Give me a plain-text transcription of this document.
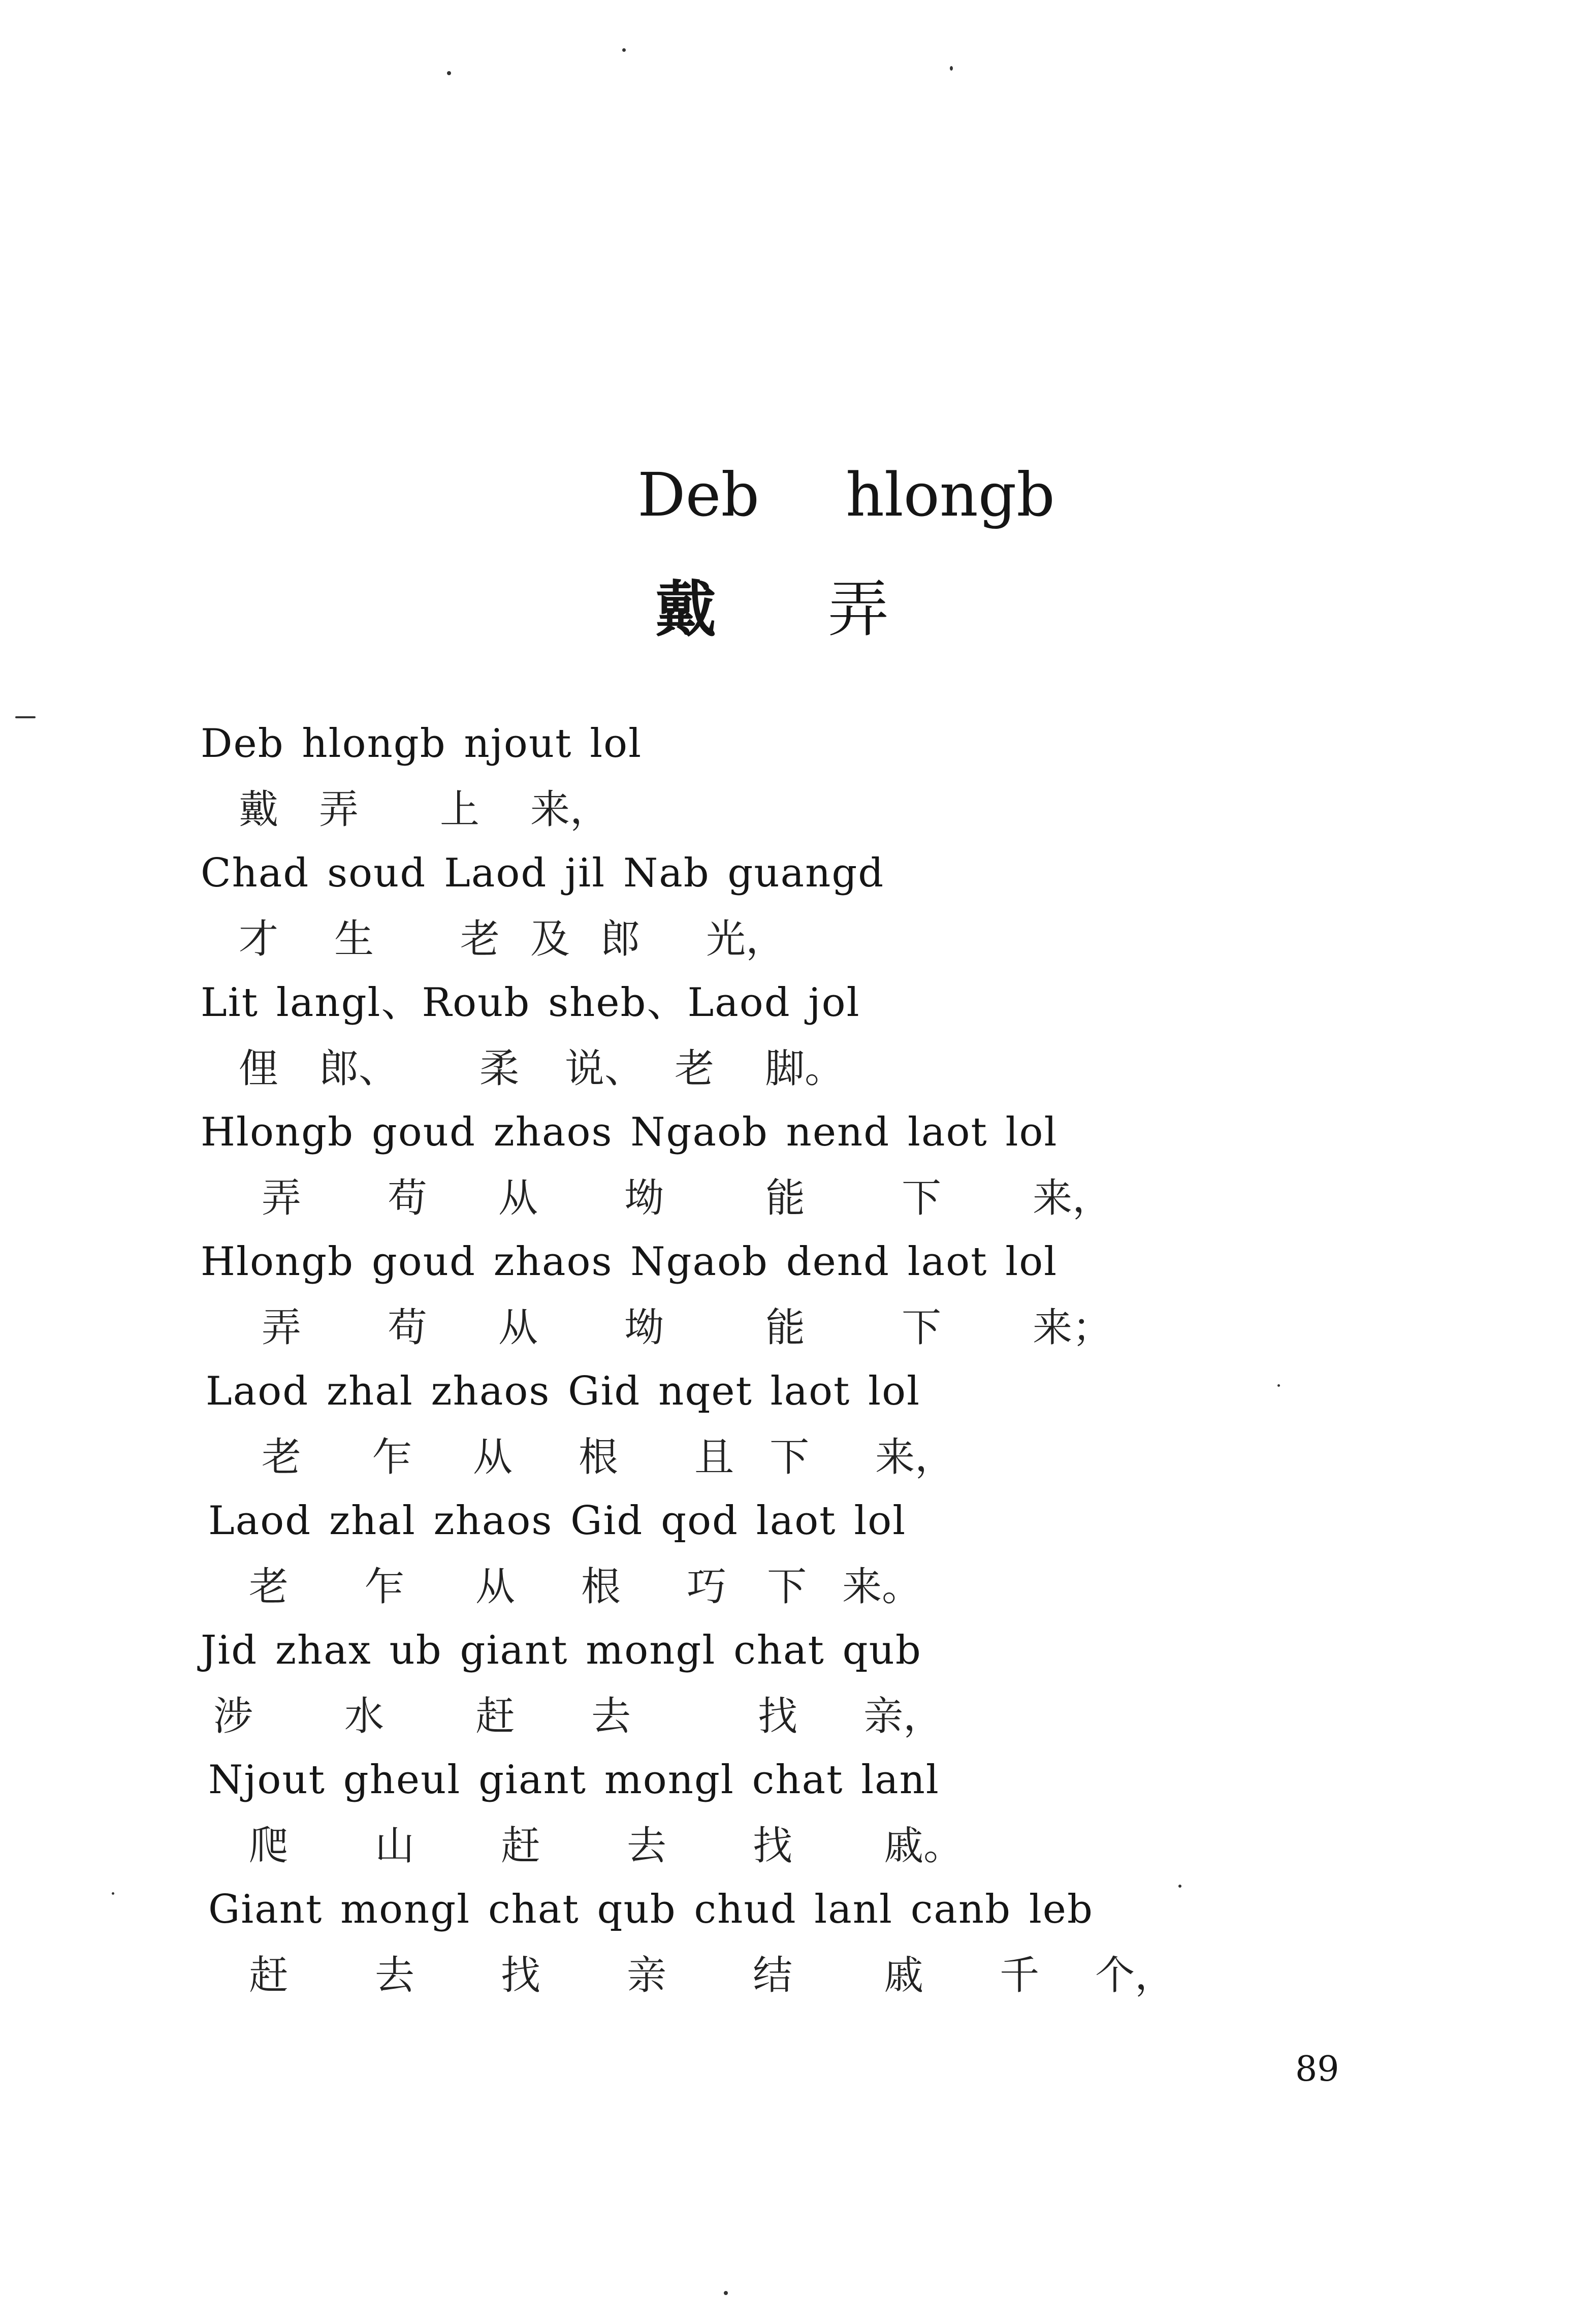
Deb hlongb
戴 弄
Deb hlongb njout lol
戴 弄 上 来，
Chad soud Laod jil Nab guangd
才 生 老 及 郎 光，
Lit langl、Roub sheb、Laod jol
俚 郎、 柔 说、 老 脚。
Hlongb goud zhaos Ngaob nend laot lol
弄 苟 从 坳	能 下 来，
Hlongb goud zhaos Ngaob dend laot lol
弄 苟 从 坳	能 下 来；
Laod zhal zhaos Gid nqet laot lol
老 乍 从 根 且 下 来，
Laod zhal zhaos Gid qod laot lol
老 乍 从 根 巧 下 来。
Jid zhax ub giant mongl chat qub
涉 水 赶 去	找 亲，
Njout gheul giant mongl chat lanl
爬 山 赶 去 找 戚。
Giant mongl chat qub chud lanl canb leb
赶 去 找 亲 结 戚 千 个，
89
